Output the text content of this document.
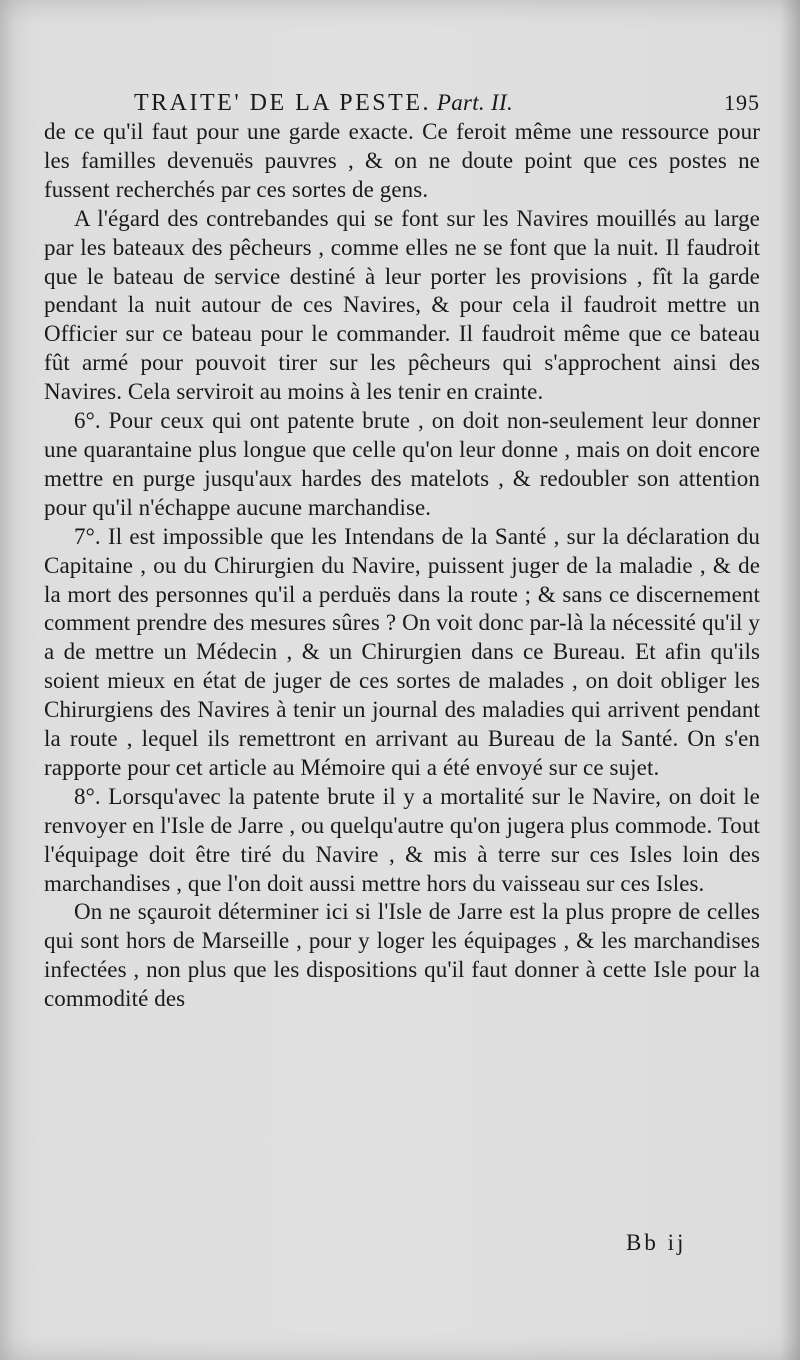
TRAITE' DE LA PESTE. Part. II.	195

de ce qu'il faut pour une garde exacte. Ce feroit même une ressource pour les familles devenuës pauvres , & on ne doute point que ces postes ne fussent recherchés par ces sortes de gens.

A l'égard des contrebandes qui se font sur les Navires mouillés au large par les bateaux des pêcheurs , comme elles ne se font que la nuit. Il faudroit que le bateau de service destiné à leur porter les provisions , fît la garde pendant la nuit autour de ces Navires, & pour cela il faudroit mettre un Officier sur ce bateau pour le commander. Il faudroit même que ce bateau fût armé pour pouvoit tirer sur les pêcheurs qui s'approchent ainsi des Navires. Cela serviroit au moins à les tenir en crainte.

6°. Pour ceux qui ont patente brute , on doit non-seulement leur donner une quarantaine plus longue que celle qu'on leur donne , mais on doit encore mettre en purge jusqu'aux hardes des matelots , & redoubler son attention pour qu'il n'échappe aucune marchandise.

7°. Il est impossible que les Intendans de la Santé , sur la déclaration du Capitaine , ou du Chirurgien du Navire, puissent juger de la maladie , & de la mort des personnes qu'il a perduës dans la route ; & sans ce discernement comment prendre des mesures sûres ? On voit donc par-là la nécessité qu'il y a de mettre un Médecin , & un Chirurgien dans ce Bureau. Et afin qu'ils soient mieux en état de juger de ces sortes de malades , on doit obliger les Chirurgiens des Navires à tenir un journal des maladies qui arrivent pendant la route , lequel ils remettront en arrivant au Bureau de la Santé. On s'en rapporte pour cet article au Mémoire qui a été envoyé sur ce sujet.

8°. Lorsqu'avec la patente brute il y a mortalité sur le Navire, on doit le renvoyer en l'Isle de Jarre , ou quelqu'autre qu'on jugera plus commode. Tout l'équipage doit être tiré du Navire , & mis à terre sur ces Isles loin des marchandises , que l'on doit aussi mettre hors du vaisseau sur ces Isles.

On ne sçauroit déterminer ici si l'Isle de Jarre est la plus propre de celles qui sont hors de Marseille , pour y loger les équipages , & les marchandises infectées , non plus que les dispositions qu'il faut donner à cette Isle pour la commodité des

Bb ij
